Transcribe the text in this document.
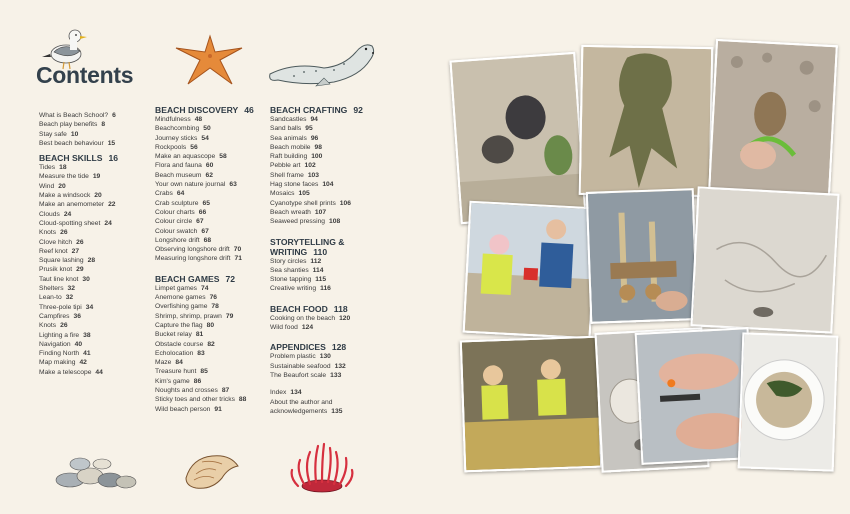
Contents
What is Beach School? 6
Beach play benefits 8
Stay safe 10
Best beach behaviour 15
BEACH SKILLS 16
Tides 18
Measure the tide 19
Wind 20
Make a windsock 20
Make an anemometer 22
Clouds 24
Cloud-spotting sheet 24
Knots 26
Clove hitch 26
Reef knot 27
Square lashing 28
Prusik knot 29
Taut line knot 30
Shelters 32
Lean-to 32
Three-pole tipi 34
Campfires 36
Knots 26
Lighting a fire 38
Navigation 40
Finding North 41
Map making 42
Make a telescope 44
BEACH DISCOVERY 46
Mindfulness 48
Beachcombing 50
Journey sticks 54
Rockpools 56
Make an aquascope 58
Flora and fauna 60
Beach museum 62
Your own nature journal 63
Crabs 64
Crab sculpture 65
Colour charts 66
Colour circle 67
Colour swatch 67
Longshore drift 68
Observing longshore drift 70
Measuring longshore drift 71
BEACH GAMES 72
Limpet games 74
Anemone games 76
Overfishing game 78
Shrimp, shrimp, prawn 79
Capture the flag 80
Bucket relay 81
Obstacle course 82
Echolocation 83
Maze 84
Treasure hunt 85
Kim's game 86
Noughts and crosses 87
Sticky toes and other tricks 88
Wild beach person 91
BEACH CRAFTING 92
Sandcastles 94
Sand balls 95
Sea animals 96
Beach mobile 98
Raft building 100
Pebble art 102
Shell frame 103
Hag stone faces 104
Mosaics 105
Cyanotype shell prints 106
Beach wreath 107
Seaweed pressing 108
STORYTELLING &
WRITING 110
Story circles 112
Sea shanties 114
Stone tapping 115
Creative writing 116
BEACH FOOD 118
Cooking on the beach 120
Wild food 124
APPENDICES 128
Problem plastic 130
Sustainable seafood 132
The Beaufort scale 133
Index 134
About the author and
acknowledgements 135
